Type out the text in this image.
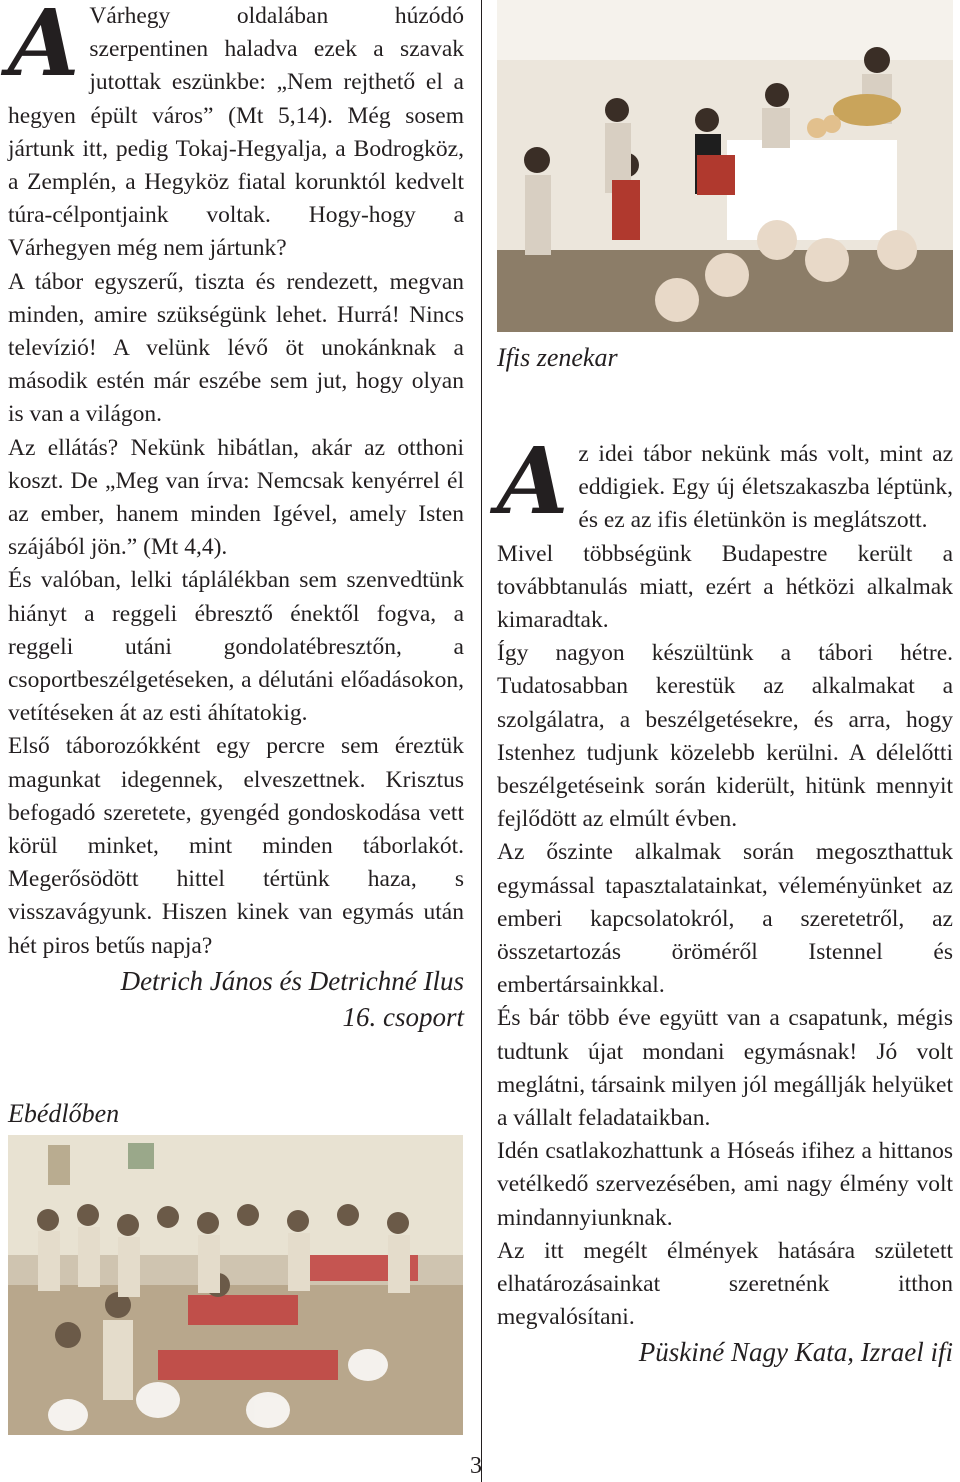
A Várhegy oldalában húzódó szerpentinen haladva ezek a szavak jutottak eszünkbe: „Nem rejthető el a hegyen épült város” (Mt 5,14). Még sosem jártunk itt, pedig Tokaj-Hegyalja, a Bodrogköz, a Zemplén, a Hegyköz fiatal korunktól kedvelt túra-célpontjaink voltak. Hogy-hogy a Várhegyen még nem jártunk?

A tábor egyszerű, tiszta és rendezett, megvan minden, amire szükségünk lehet. Hurrá! Nincs televízió! A velünk lévő öt unokánknak a második estén már eszébe sem jut, hogy olyan is van a világon.

Az ellátás? Nekünk hibátlan, akár az otthoni koszt. De „Meg van írva: Nemcsak kenyérrel él az ember, hanem minden Igével, amely Isten szájából jön.” (Mt 4,4).

És valóban, lelki táplálékban sem szenvedtünk hiányt a reggeli ébresztő énektől fogva, a reggeli utáni gondolatébresztőn, a csoportbeszélgetéseken, a délutáni előadásokon, vetítéseken át az esti áhítatokig.

Első táborozókként egy percre sem éreztük magunkat idegennek, elveszettnek. Krisztus befogadó szeretete, gyengéd gondoskodása vett körül minket, mint minden táborlakót. Megerősödött hittel tértünk haza, s visszavágyunk. Hiszen kinek van egymás után hét piros betűs napja?

Detrich János és Detrichné Ilus

16. csoport

Ebédlőben

Ifis zenekar

A z idei tábor nekünk más volt, mint az eddigiek. Egy új életszakaszba léptünk, és ez az ifis életünkön is meglátszott.

Mivel többségünk Budapestre került a továbbtanulás miatt, ezért a hétközi alkalmak kimaradtak.

Így nagyon készültünk a tábori hétre. Tudatosabban kerestük az alkalmakat a szolgálatra, a beszélgetésekre, és arra, hogy Istenhez tudjunk közelebb kerülni. A délelőtti beszélgetéseink során kiderült, hitünk mennyit fejlődött az elmúlt évben.

Az őszinte alkalmak során megoszthattuk egymással tapasztalatainkat, véleményünket az emberi kapcsolatokról, a szeretetről, az összetartozás öröméről Istennel és embertársainkkal.

És bár több éve együtt van a csapatunk, mégis tudtunk újat mondani egymásnak! Jó volt meglátni, társaink milyen jól megállják helyüket a vállalt feladataikban.

Idén csatlakozhattunk a Hóseás ifihez a hittanos vetélkedő szervezésében, ami nagy élmény volt mindannyiunknak.

Az itt megélt élmények hatására született elhatározásainkat szeretnénk itthon megvalósítani.

Püskiné Nagy Kata, Izrael ifi

3
